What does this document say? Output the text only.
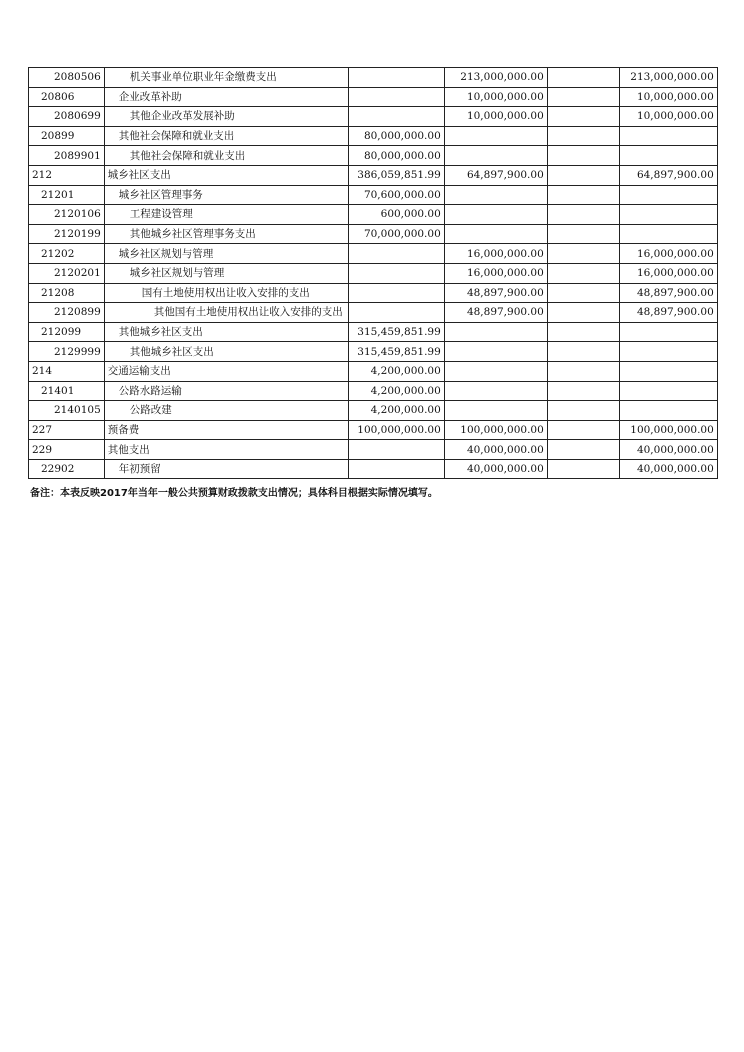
2080506	机关事业单位职业年金缴费支出		213,000,000.00		213,000,000.00
20806	企业改革补助		10,000,000.00		10,000,000.00
2080699	其他企业改革发展补助		10,000,000.00		10,000,000.00
20899	其他社会保障和就业支出	80,000,000.00			
2089901	其他社会保障和就业支出	80,000,000.00			
212	城乡社区支出	386,059,851.99	64,897,900.00		64,897,900.00
21201	城乡社区管理事务	70,600,000.00			
2120106	工程建设管理	600,000.00			
2120199	其他城乡社区管理事务支出	70,000,000.00			
21202	城乡社区规划与管理		16,000,000.00		16,000,000.00
2120201	城乡社区规划与管理		16,000,000.00		16,000,000.00
21208	国有土地使用权出让收入安排的支出		48,897,900.00		48,897,900.00
2120899	其他国有土地使用权出让收入安排的支出		48,897,900.00		48,897,900.00
212099	其他城乡社区支出	315,459,851.99			
2129999	其他城乡社区支出	315,459,851.99			
214	交通运输支出	4,200,000.00			
21401	公路水路运输	4,200,000.00			
2140105	公路改建	4,200,000.00			
227	预备费	100,000,000.00	100,000,000.00		100,000,000.00
229	其他支出		40,000,000.00		40,000,000.00
22902	年初预留		40,000,000.00		40,000,000.00
备注：本表反映2017年当年一般公共预算财政拨款支出情况；具体科目根据实际情况填写。
